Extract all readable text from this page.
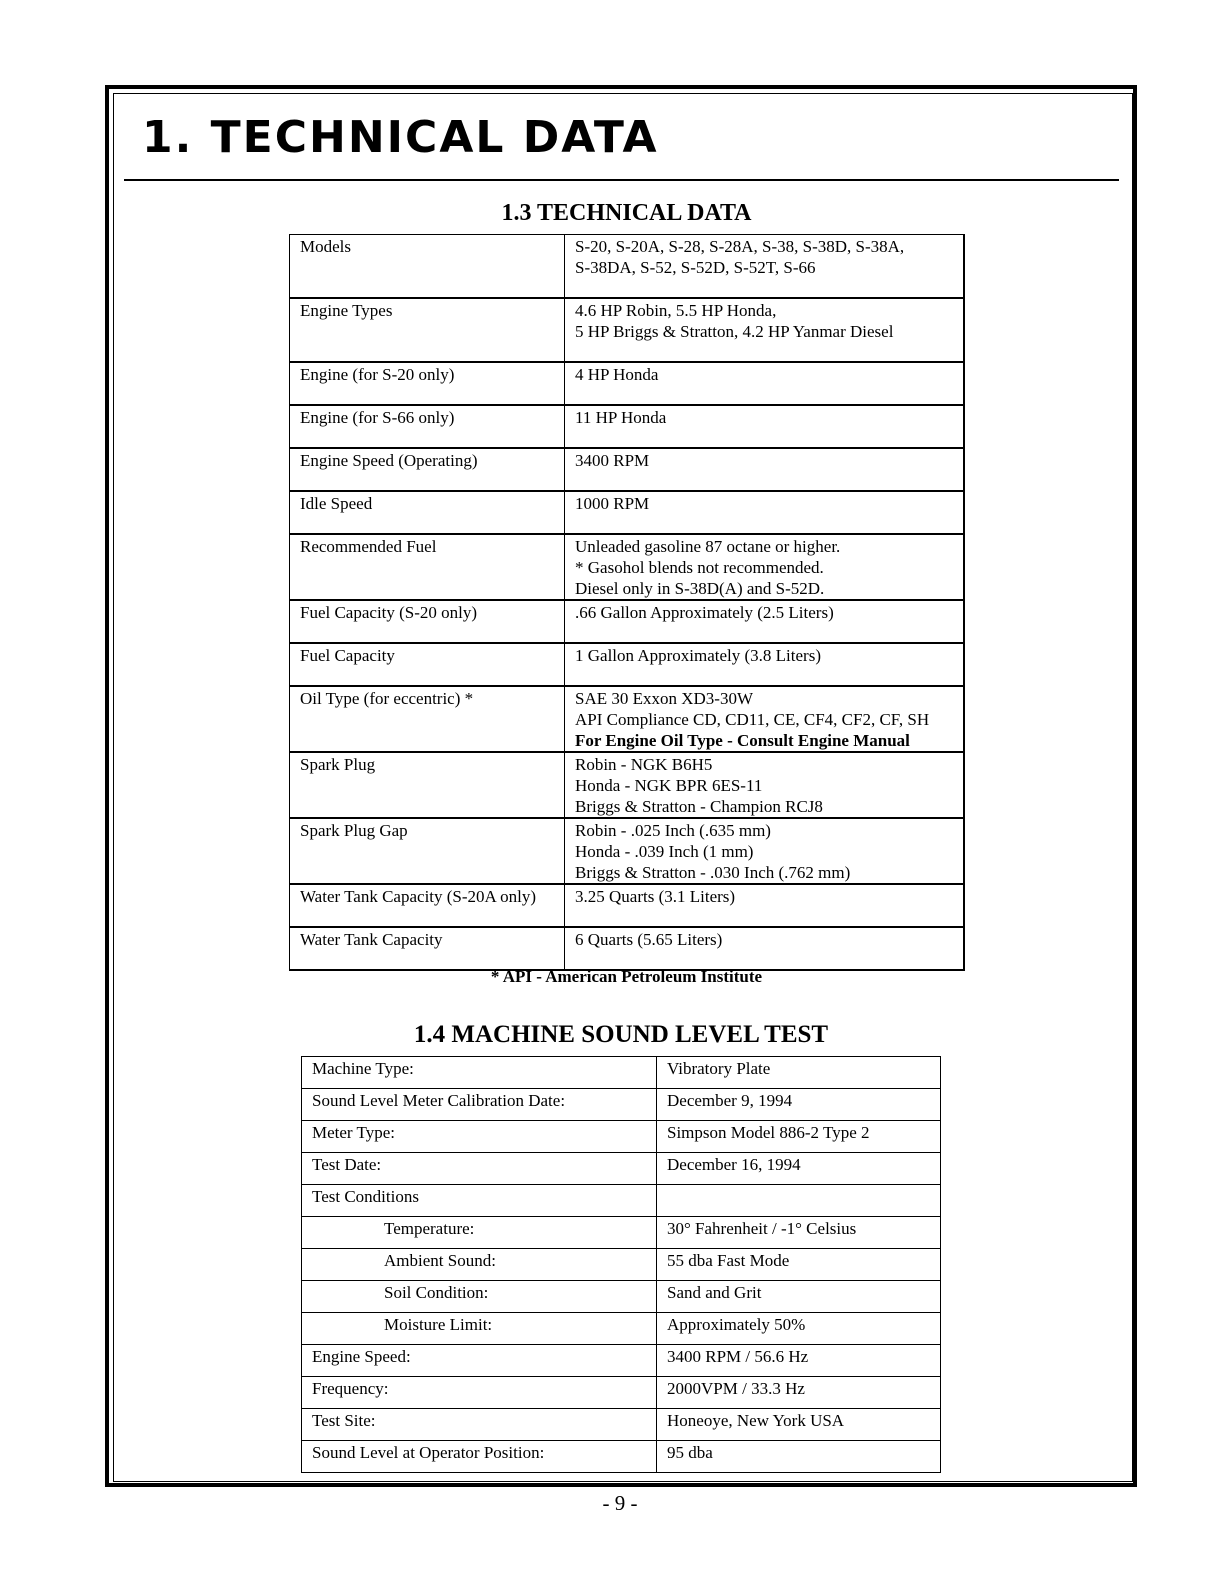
1. TECHNICAL DATA
1.3 TECHNICAL DATA
Models	S-20, S-20A, S-28, S-28A, S-38, S-38D, S-38A,
S-38DA, S-52, S-52D, S-52T, S-66

Engine Types	4.6 HP Robin, 5.5 HP Honda,
5 HP Briggs & Stratton, 4.2 HP Yanmar Diesel

Engine (for S-20 only)	4 HP Honda

Engine (for S-66 only)	11 HP Honda

Engine Speed (Operating)	3400 RPM

Idle Speed	1000 RPM

Recommended Fuel	Unleaded gasoline 87 octane or higher.
* Gasohol blends not recommended.
Diesel only in S-38D(A) and S-52D.

Fuel Capacity (S-20 only)	.66 Gallon Approximately (2.5 Liters)

Fuel Capacity	1 Gallon Approximately (3.8 Liters)

Oil Type (for eccentric) *	SAE 30 Exxon XD3-30W
API Compliance CD, CD11, CE, CF4, CF2, CF, SH
For Engine Oil Type - Consult Engine Manual

Spark Plug	Robin - NGK B6H5
Honda - NGK BPR 6ES-11
Briggs & Stratton - Champion RCJ8

Spark Plug Gap	Robin - .025 Inch (.635 mm)
Honda - .039 Inch (1 mm)
Briggs & Stratton - .030 Inch (.762 mm)

Water Tank Capacity (S-20A only)	3.25 Quarts (3.1 Liters)

Water Tank Capacity	6 Quarts (5.65 Liters)

* API - American Petroleum Institute

1.4 MACHINE SOUND LEVEL TEST
Machine Type:	Vibratory Plate
Sound Level Meter Calibration Date:	December 9, 1994
Meter Type:	Simpson Model 886-2 Type 2
Test Date:	December 16, 1994
Test Conditions	
Temperature:	30° Fahrenheit / -1° Celsius
Ambient Sound:	55 dba Fast Mode
Soil Condition:	Sand and Grit
Moisture Limit:	Approximately 50%
Engine Speed:	3400 RPM / 56.6 Hz
Frequency:	2000VPM / 33.3 Hz
Test Site:	Honeoye, New York USA
Sound Level at Operator Position:	95 dba

- 9 -
